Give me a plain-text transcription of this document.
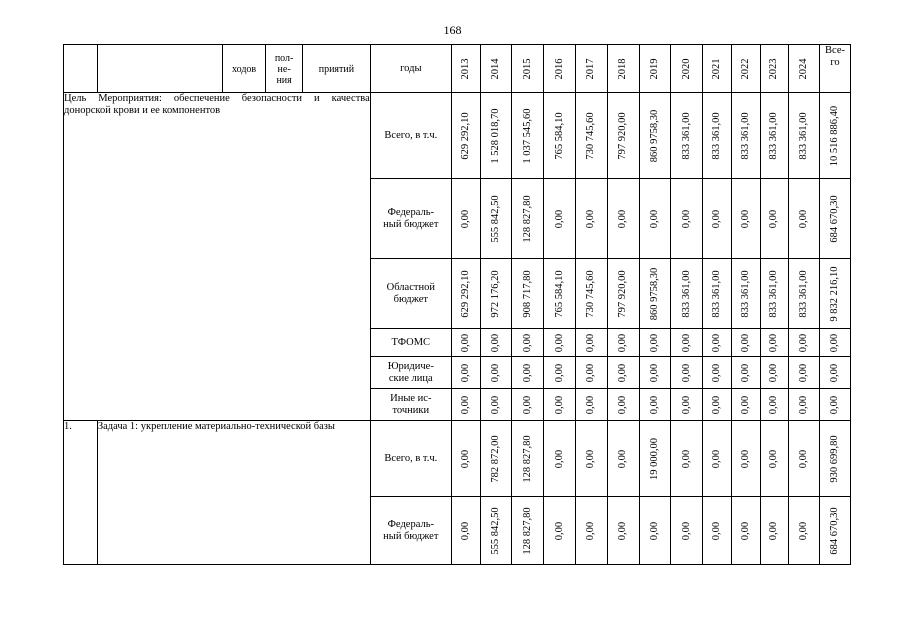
168
		ходов	пол-
не-
ния	приятий	годы	2013	2014	2015	2016	2017	2018	2019	2020	2021	2022	2023	2024	Все-
го
Цель Мероприятия: обеспечение безопасности и качества донорской крови и ее компонентов					Всего, в т.ч.	629 292,10	1 528 018,70	1 037 545,60	765 584,10	730 745,60	797 920,00	860 9758,30	833 361,00	833 361,00	833 361,00	833 361,00	833 361,00	10 516 886,40

					Федераль-
ный бюджет	0,00	555 842,50	128 827,80	0,00	0,00	0,00	0,00	0,00	0,00	0,00	0,00	0,00	684 670,30

					Областной
бюджет	629 292,10	972 176,20	908 717,80	765 584,10	730 745,60	797 920,00	860 9758,30	833 361,00	833 361,00	833 361,00	833 361,00	833 361,00	9 832 216,10

					ТФОМС	0,00	0,00	0,00	0,00	0,00	0,00	0,00	0,00	0,00	0,00	0,00	0,00	0,00

					Юридиче-
ские лица	0,00	0,00	0,00	0,00	0,00	0,00	0,00	0,00	0,00	0,00	0,00	0,00	0,00

					Иные ис-
точники	0,00	0,00	0,00	0,00	0,00	0,00	0,00	0,00	0,00	0,00	0,00	0,00	0,00

1.	Задача 1: укрепление материально-технической базы				Всего, в т.ч.	0,00	782 872,00	128 827,80	0,00	0,00	0,00	19 000,00	0,00	0,00	0,00	0,00	0,00	930 699,80

					Федераль-
ный бюджет	0,00	555 842,50	128 827,80	0,00	0,00	0,00	0,00	0,00	0,00	0,00	0,00	0,00	684 670,30
